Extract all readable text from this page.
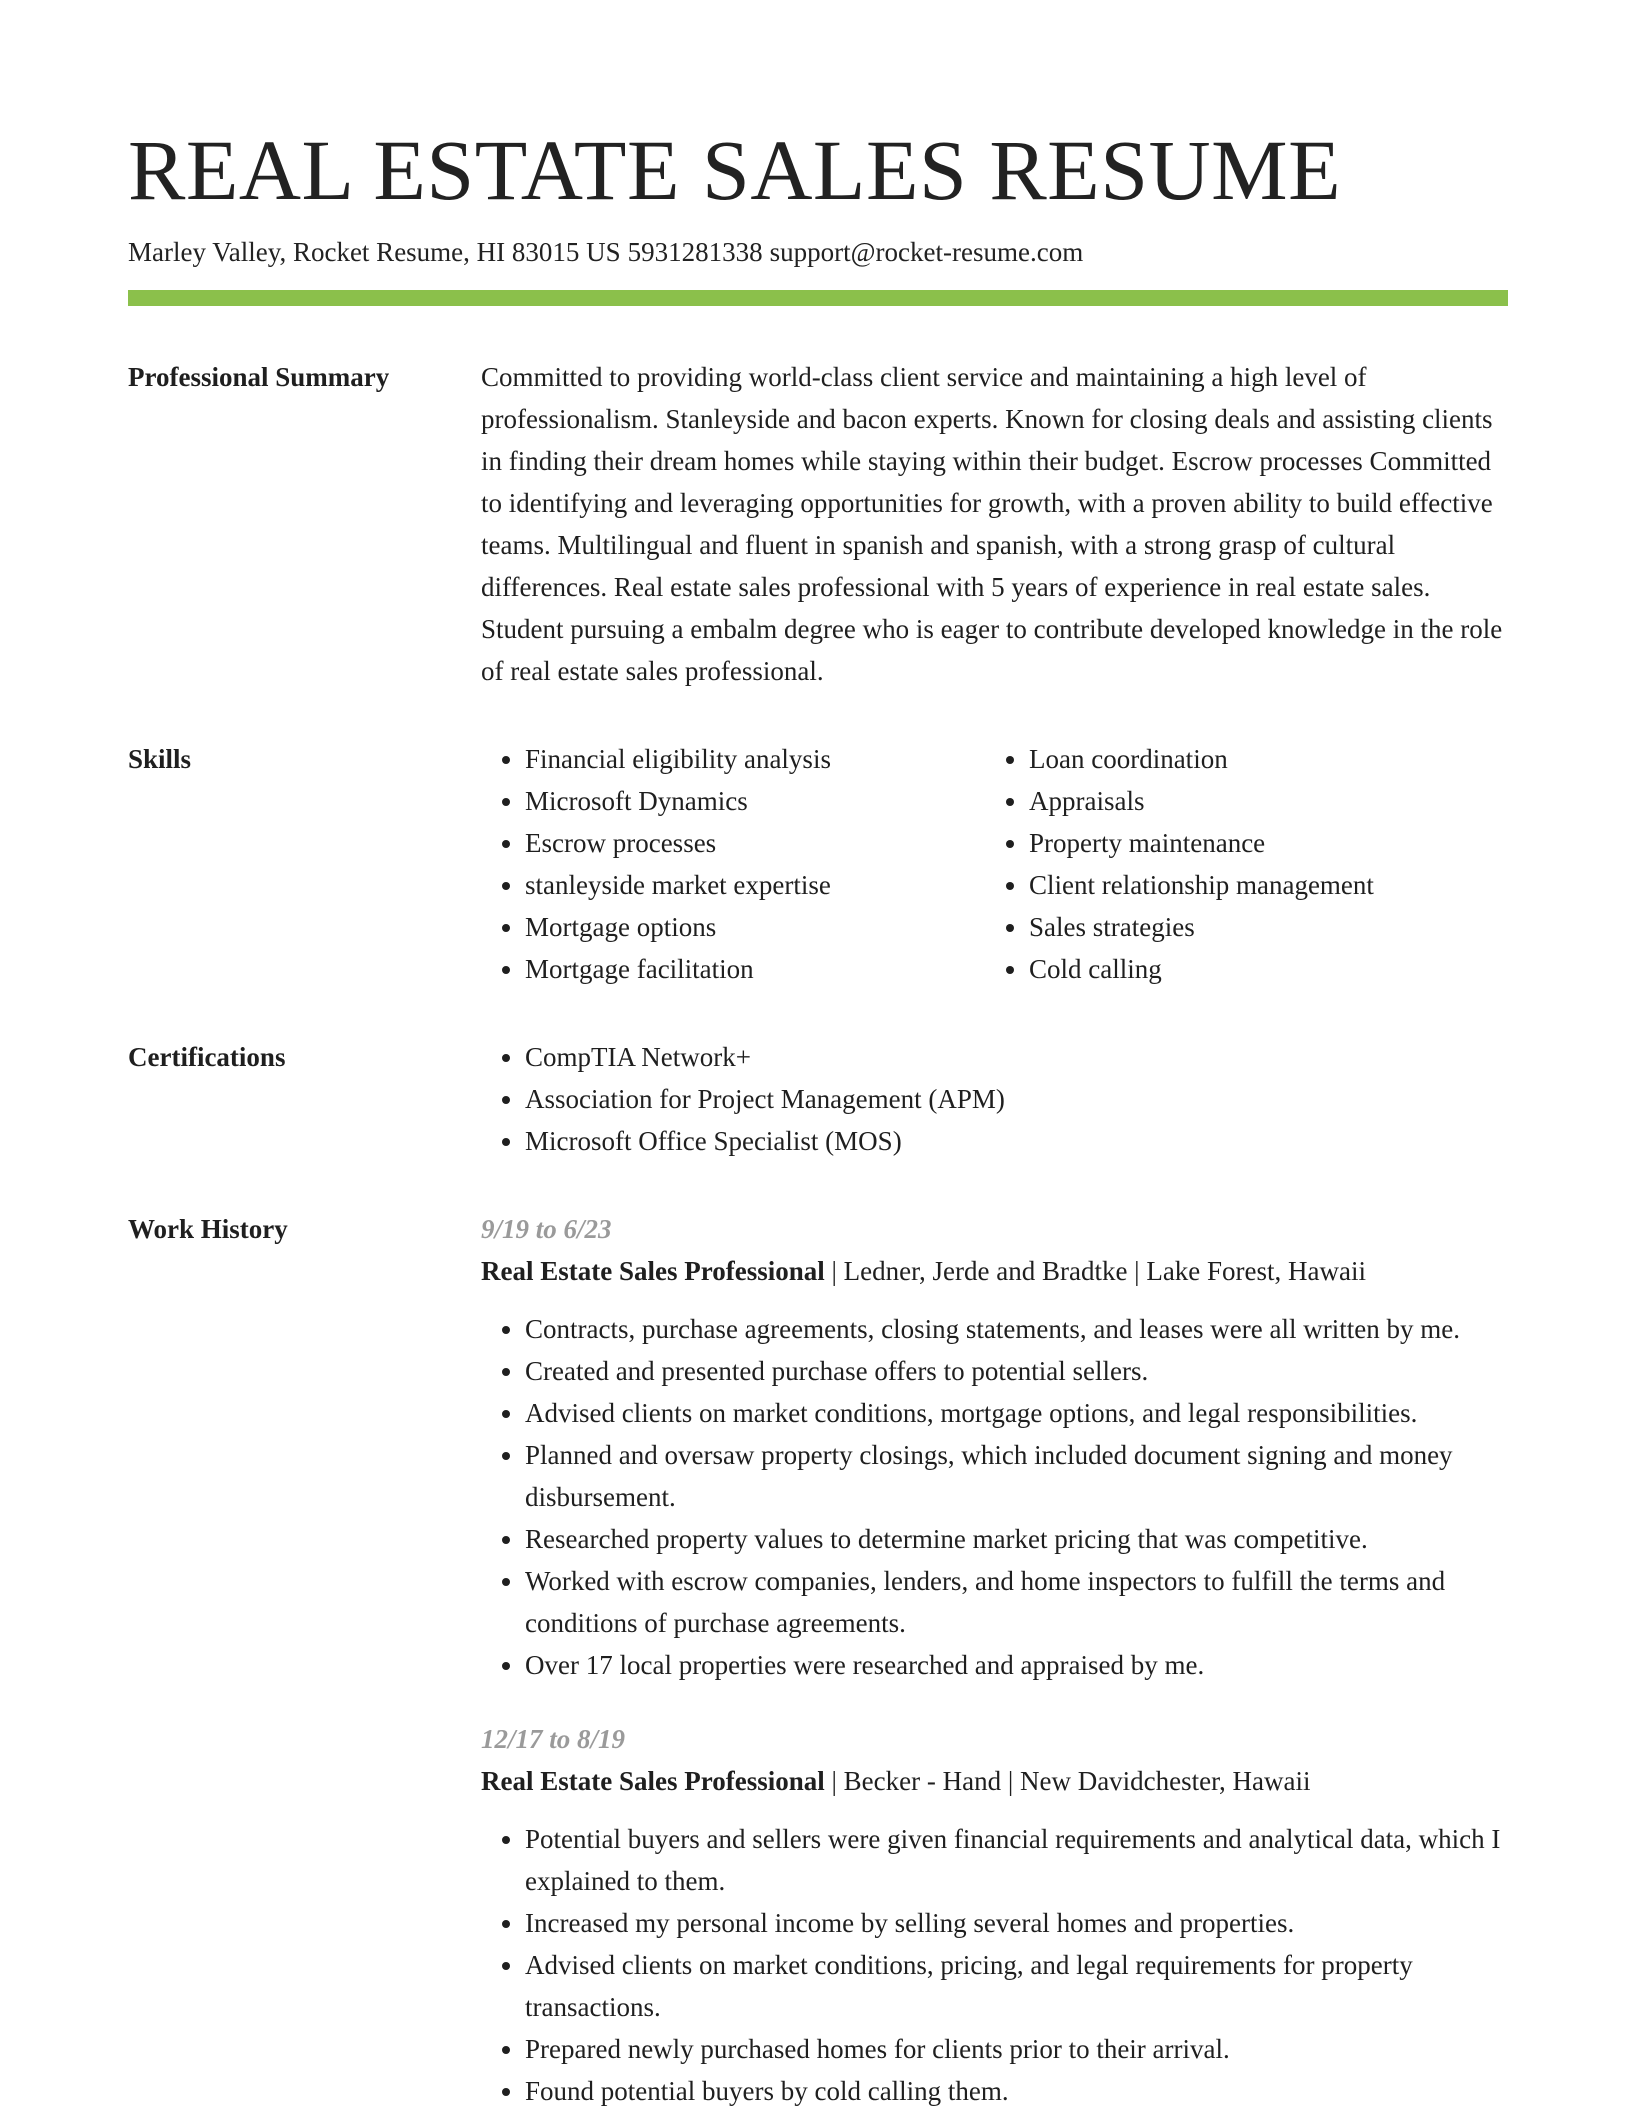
REAL ESTATE SALES RESUME
Marley Valley, Rocket Resume, HI 83015 US 5931281338 support@rocket-resume.com
Professional Summary	Committed to providing world-class client service and maintaining a high level of professionalism. Stanleyside and bacon experts. Known for closing deals and assisting clients in finding their dream homes while staying within their budget. Escrow processes Committed to identifying and leveraging opportunities for growth, with a proven ability to build effective teams. Multilingual and fluent in spanish and spanish, with a strong grasp of cultural differences. Real estate sales professional with 5 years of experience in real estate sales. Student pursuing a embalm degree who is eager to contribute developed knowledge in the role of real estate sales professional.

Skills	• Financial eligibility analysis
• Microsoft Dynamics
• Escrow processes
• stanleyside market expertise
• Mortgage options
• Mortgage facilitation
• Loan coordination
• Appraisals
• Property maintenance
• Client relationship management
• Sales strategies
• Cold calling
Certifications	• CompTIA Network+
• Association for Project Management (APM)
• Microsoft Office Specialist (MOS)
Work History	9/19 to 6/23
Real Estate Sales Professional | Ledner, Jerde and Bradtke | Lake Forest, Hawaii
• Contracts, purchase agreements, closing statements, and leases were all written by me.
• Created and presented purchase offers to potential sellers.
• Advised clients on market conditions, mortgage options, and legal responsibilities.
• Planned and oversaw property closings, which included document signing and money disbursement.
• Researched property values to determine market pricing that was competitive.
• Worked with escrow companies, lenders, and home inspectors to fulfill the terms and conditions of purchase agreements.
• Over 17 local properties were researched and appraised by me.
12/17 to 8/19
Real Estate Sales Professional | Becker - Hand | New Davidchester, Hawaii
• Potential buyers and sellers were given financial requirements and analytical data, which I explained to them.
• Increased my personal income by selling several homes and properties.
• Advised clients on market conditions, pricing, and legal requirements for property transactions.
• Prepared newly purchased homes for clients prior to their arrival.
• Found potential buyers by cold calling them.
